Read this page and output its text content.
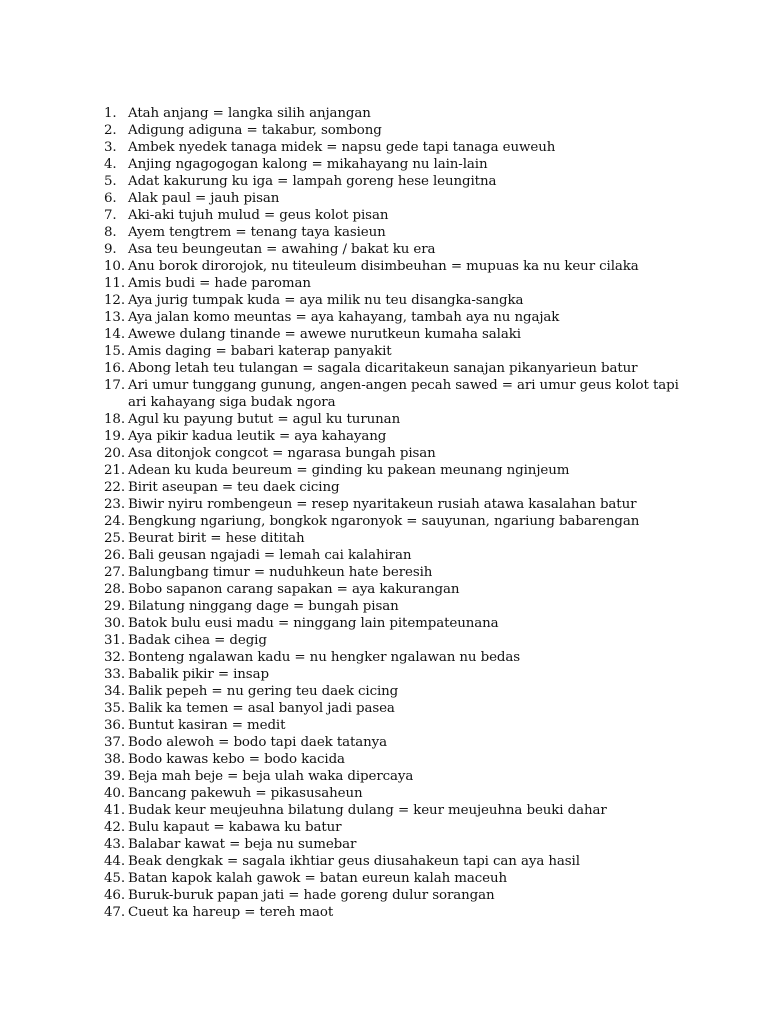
1. Atah anjang = langka silih anjangan
2. Adigung adiguna = takabur, sombong
3. Ambek nyedek tanaga midek = napsu gede tapi tanaga euweuh
4. Anjing ngagogogan kalong = mikahayang nu lain-lain
5. Adat kakurung ku iga = lampah goreng hese leungitna
6. Alak paul = jauh pisan
7. Aki-aki tujuh mulud = geus kolot pisan
8. Ayem tengtrem = tenang taya kasieun
9. Asa teu beungeutan = awahing / bakat ku era
10. Anu borok dirorojok, nu titeuleum disimbeuhan = mupuas ka nu keur cilaka
11. Amis budi = hade paroman
12. Aya jurig tumpak kuda = aya milik nu teu disangka-sangka
13. Aya jalan komo meuntas = aya kahayang, tambah aya nu ngajak
14. Awewe dulang tinande = awewe nurutkeun kumaha salaki
15. Amis daging = babari katerap panyakit
16. Abong letah teu tulangan = sagala dicaritakeun sanajan pikanyarieun batur
17. Ari umur tunggang gunung, angen-angen pecah sawed = ari umur geus kolot tapi ari kahayang siga budak ngora
18. Agul ku payung butut = agul ku turunan
19. Aya pikir kadua leutik = aya kahayang
20. Asa ditonjok congcot = ngarasa bungah pisan
21. Adean ku kuda beureum = ginding ku pakean meunang nginjeum
22. Birit aseupan = teu daek cicing
23. Biwir nyiru rombengeun = resep nyaritakeun rusiah atawa kasalahan batur
24. Bengkung ngariung, bongkok ngaronyok = sauyunan, ngariung babarengan
25. Beurat birit = hese dititah
26. Bali geusan ngajadi = lemah cai kalahiran
27. Balungbang timur = nuduhkeun hate beresih
28. Bobo sapanon carang sapakan = aya kakurangan
29. Bilatung ninggang dage = bungah pisan
30. Batok bulu eusi madu = ninggang lain pitempateunana
31. Badak cihea = degig
32. Bonteng ngalawan kadu = nu hengker ngalawan nu bedas
33. Babalik pikir = insap
34. Balik pepeh = nu gering teu daek cicing
35. Balik ka temen = asal banyol jadi pasea
36. Buntut kasiran = medit
37. Bodo alewoh = bodo tapi daek tatanya
38. Bodo kawas kebo = bodo kacida
39. Beja mah beje = beja ulah waka dipercaya
40. Bancang pakewuh = pikasusaheun
41. Budak keur meujeuhna bilatung dulang = keur meujeuhna beuki dahar
42. Bulu kapaut = kabawa ku batur
43. Balabar kawat = beja nu sumebar
44. Beak dengkak = sagala ikhtiar geus diusahakeun tapi can aya hasil
45. Batan kapok kalah gawok = batan eureun kalah maceuh
46. Buruk-buruk papan jati = hade goreng dulur sorangan
47. Cueut ka hareup = tereh maot
